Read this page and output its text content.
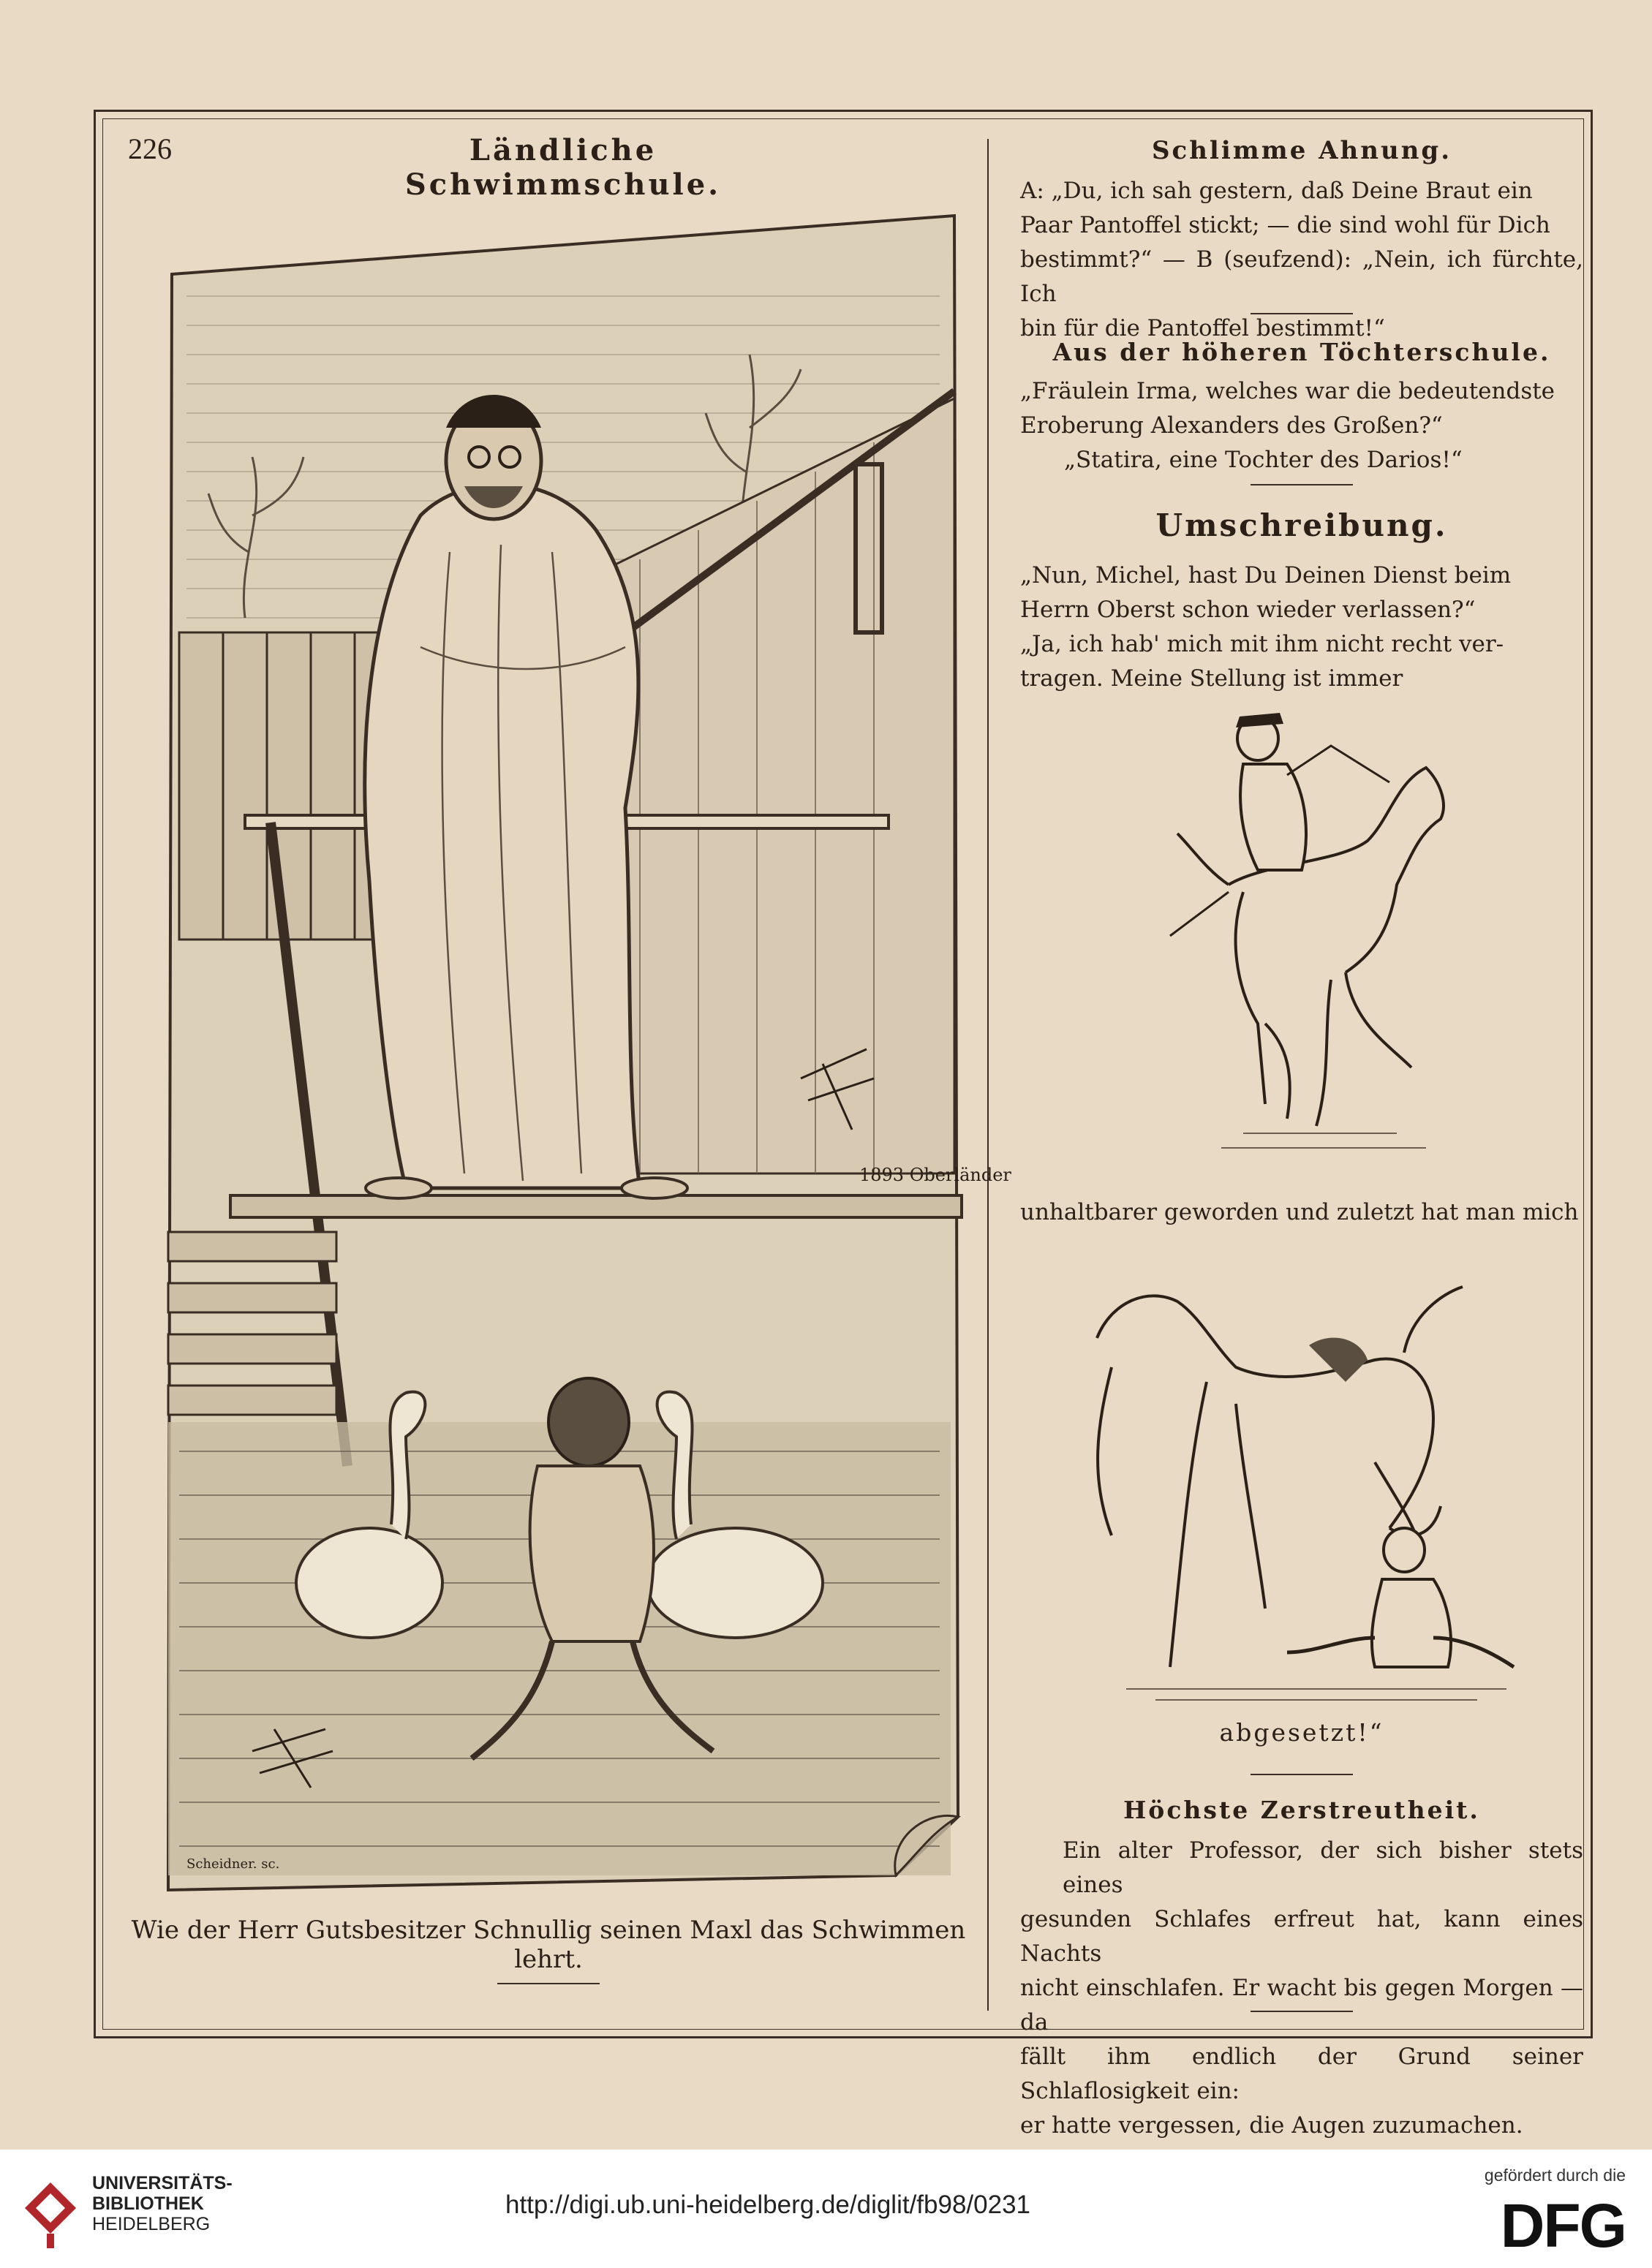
226	Ländliche Schwimmschule.
1893 Oberländer
Scheidner. sc.
Wie der Herr Gutsbesitzer Schnullig seinen Maxl das Schwimmen lehrt.
Schlimme Ahnung.
A: „Du, ich sah gestern, daß Deine Braut ein
Paar Pantoffel stickt; — die sind wohl für Dich
bestimmt?“ — B (seufzend): „Nein, ich fürchte, Ich
bin für die Pantoffel bestimmt!“
Aus der höheren Töchterschule.
„Fräulein Irma, welches war die bedeutendste
Eroberung Alexanders des Großen?“
„Statira, eine Tochter des Darios!“
Umschreibung.
„Nun, Michel, hast Du Deinen Dienst beim
Herrn Oberst schon wieder verlassen?“
„Ja, ich hab' mich mit ihm nicht recht ver-
tragen. Meine Stellung ist immer
unhaltbarer geworden und zuletzt hat man mich
abgesetzt!“
Höchste Zerstreutheit.
Ein alter Professor, der sich bisher stets eines
gesunden Schlafes erfreut hat, kann eines Nachts
nicht einschlafen. Er wacht bis gegen Morgen — da
fällt ihm endlich der Grund seiner Schlaflosigkeit ein:
er hatte vergessen, die Augen zuzumachen.
UNIVERSITÄTS-
BIBLIOTHEK
HEIDELBERG
http://digi.ub.uni-heidelberg.de/diglit/fb98/0231
gefördert durch die
DFG
